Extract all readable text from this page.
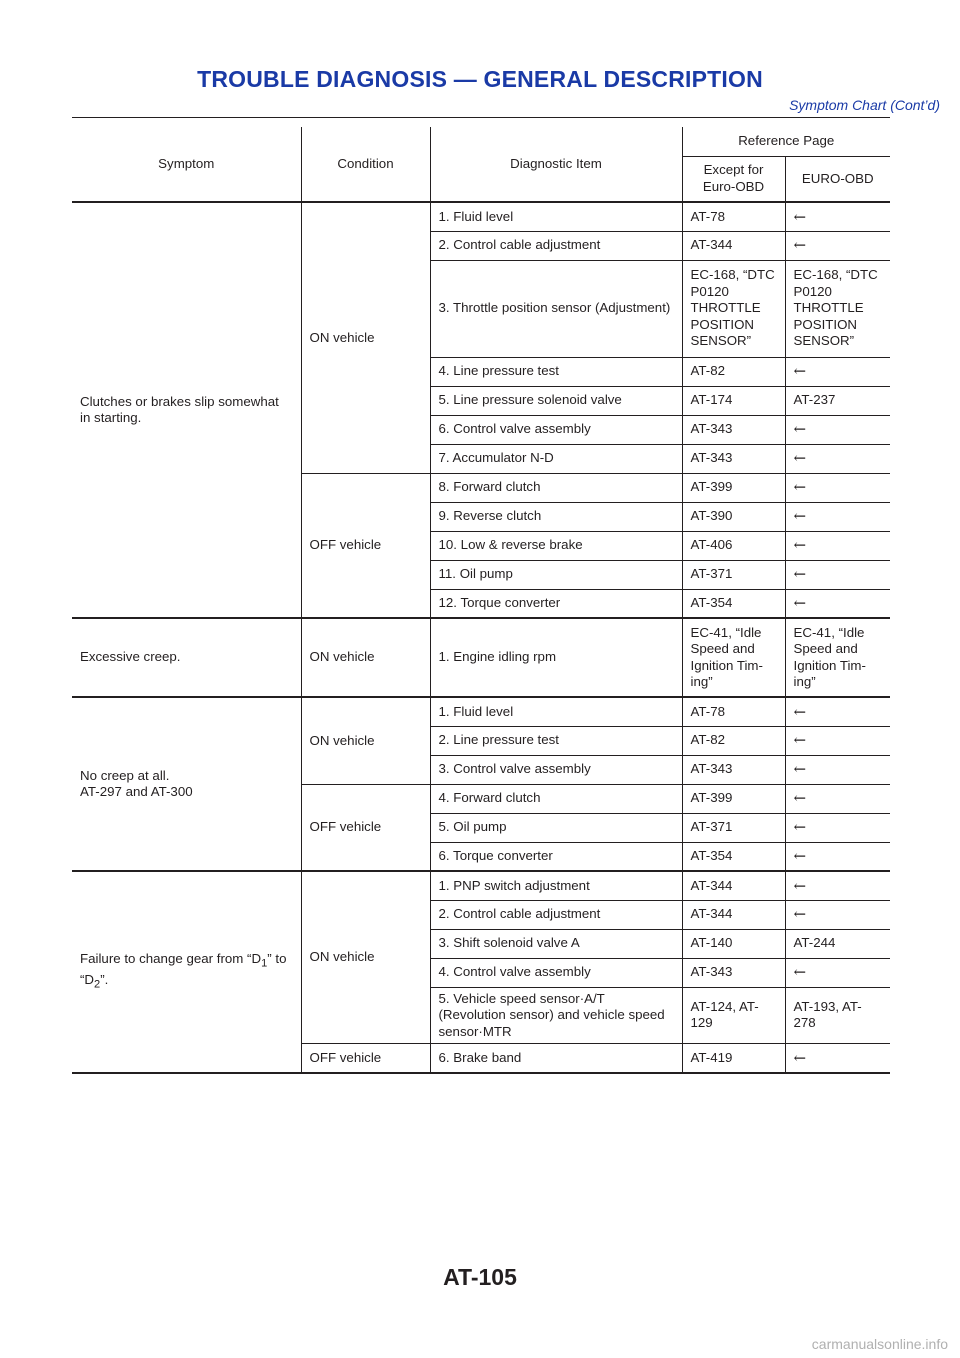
TROUBLE DIAGNOSIS — GENERAL DESCRIPTION
Symptom Chart (Cont’d)
Symptom	Condition	Diagnostic Item	Reference Page	
			Except for Euro-OBD	EURO-OBD
Clutches or brakes slip somewhat in starting.	ON vehicle	1. Fluid level	AT-78	←
		2. Control cable adjustment	AT-344	←
		3. Throttle position sensor (Adjustment)	EC-168, “DTC P0120 THROTTLE POSITION SENSOR”	EC-168, “DTC P0120 THROTTLE POSITION SENSOR”
		4. Line pressure test	AT-82	←
		5. Line pressure solenoid valve	AT-174	AT-237
		6. Control valve assembly	AT-343	←
		7. Accumulator N-D	AT-343	←
	OFF vehicle	8. Forward clutch	AT-399	←
		9. Reverse clutch	AT-390	←
		10. Low & reverse brake	AT-406	←
		11. Oil pump	AT-371	←
		12. Torque converter	AT-354	←
Excessive creep.	ON vehicle	1. Engine idling rpm	EC-41, “Idle Speed and Ignition Tim-ing”	EC-41, “Idle Speed and Ignition Tim-ing”
No creep at all.
AT-297 and AT-300	ON vehicle	1. Fluid level	AT-78	←
		2. Line pressure test	AT-82	←
		3. Control valve assembly	AT-343	←
	OFF vehicle	4. Forward clutch	AT-399	←
		5. Oil pump	AT-371	←
		6. Torque converter	AT-354	←
Failure to change gear from “$D_1$” to “$D_2$”.	ON vehicle	1. PNP switch adjustment	AT-344	←
		2. Control cable adjustment	AT-344	←
		3. Shift solenoid valve A	AT-140	AT-244
		4. Control valve assembly	AT-343	←
		5. Vehicle speed sensor·A/T (Revolution sensor) and vehicle speed sensor·MTR	AT-124, AT-129	AT-193, AT-278
	OFF vehicle	6. Brake band	AT-419	←
AT-105
carmanualsonline.info
